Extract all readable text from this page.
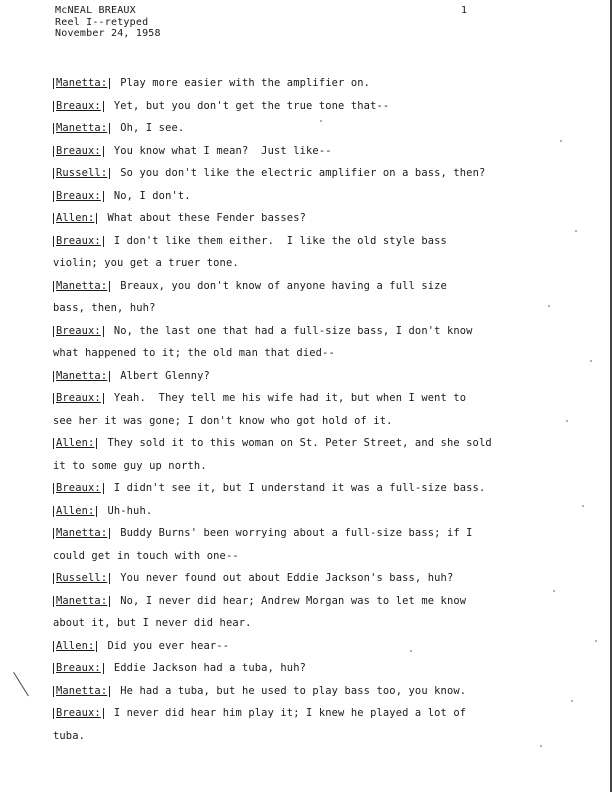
McNEAL BREAUX
Reel I--retyped
November 24, 1958
1
Manetta: Play more easier with the amplifier on.
Breaux: Yet, but you don't get the true tone that--
Manetta: Oh, I see.
Breaux: You know what I mean?  Just like--
Russell: So you don't like the electric amplifier on a bass, then?
Breaux: No, I don't.
Allen: What about these Fender basses?
Breaux: I don't like them either.  I like the old style bass
violin; you get a truer tone.
Manetta: Breaux, you don't know of anyone having a full size
bass, then, huh?
Breaux: No, the last one that had a full-size bass, I don't know
what happened to it; the old man that died--
Manetta: Albert Glenny?
Breaux: Yeah.  They tell me his wife had it, but when I went to
see her it was gone; I don't know who got hold of it.
Allen: They sold it to this woman on St. Peter Street, and she sold
it to some guy up north.
Breaux: I didn't see it, but I understand it was a full-size bass.
Allen: Uh-huh.
Manetta: Buddy Burns' been worrying about a full-size bass; if I
could get in touch with one--
Russell: You never found out about Eddie Jackson's bass, huh?
Manetta: No, I never did hear; Andrew Morgan was to let me know
about it, but I never did hear.
Allen: Did you ever hear--
Breaux: Eddie Jackson had a tuba, huh?
Manetta: He had a tuba, but he used to play bass too, you know.
Breaux: I never did hear him play it; I knew he played a lot of
tuba.
